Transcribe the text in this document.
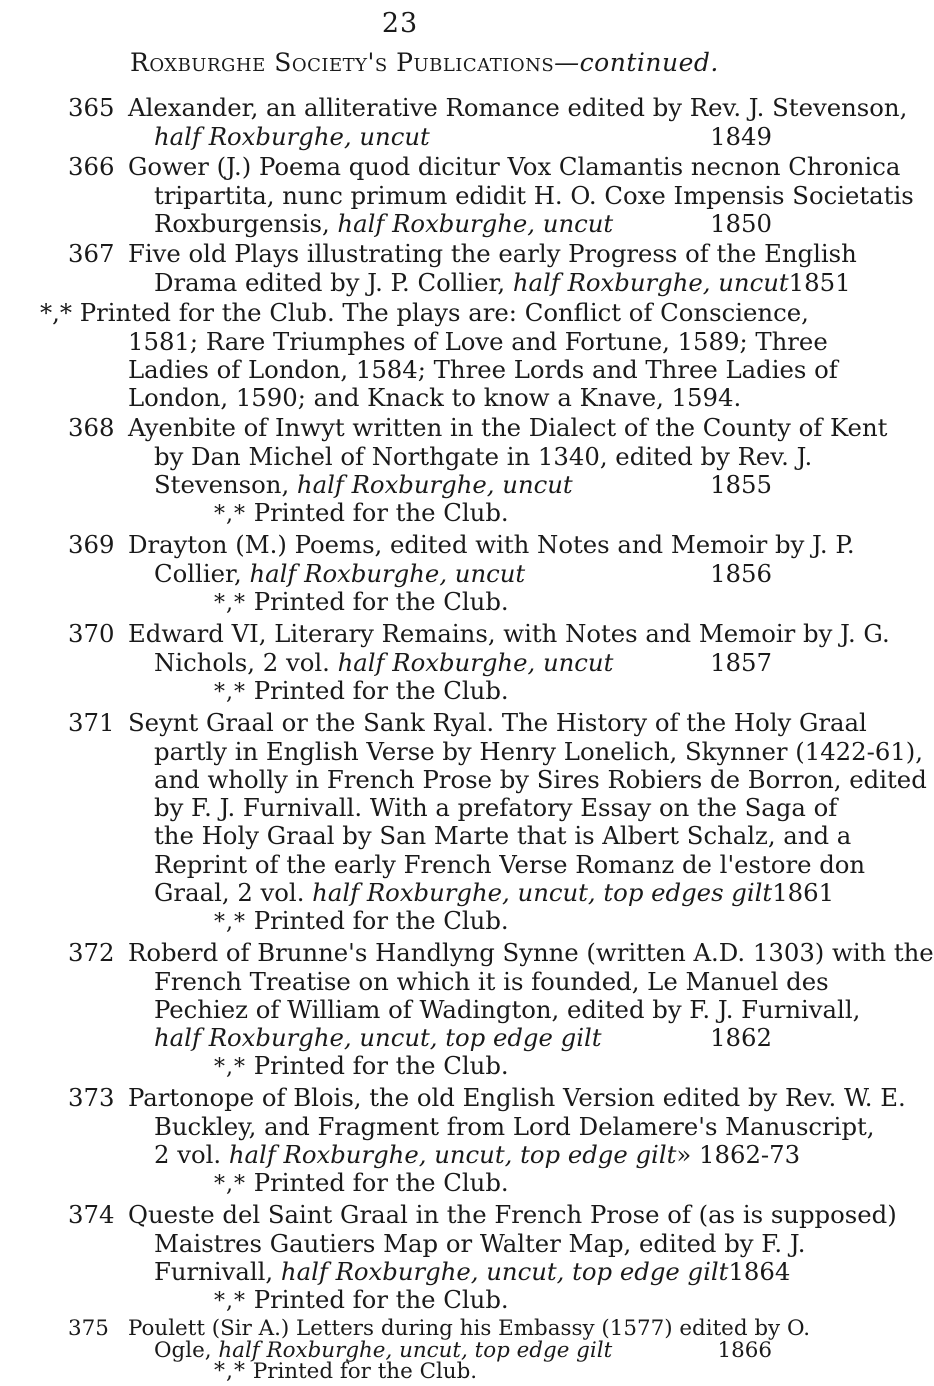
23
Roxburghe Society's Publications—continued.
365 Alexander, an alliterative Romance edited by Rev. J. Stevenson,
half Roxburghe, uncut	1849
366 Gower (J.) Poema quod dicitur Vox Clamantis necnon Chronica
tripartita, nunc primum edidit H. O. Coxe Impensis Societatis
Roxburgensis, half Roxburghe, uncut	1850
367 Five old Plays illustrating the early Progress of the English
Drama edited by J. P. Collier, half Roxburghe, uncut 1851
*,* Printed for the Club. The plays are: Conflict of Conscience,
1581; Rare Triumphes of Love and Fortune, 1589; Three
Ladies of London, 1584; Three Lords and Three Ladies of
London, 1590; and Knack to know a Knave, 1594.
368 Ayenbite of Inwyt written in the Dialect of the County of Kent
by Dan Michel of Northgate in 1340, edited by Rev. J.
Stevenson, half Roxburghe, uncut	1855
*,* Printed for the Club.
369 Drayton (M.) Poems, edited with Notes and Memoir by J. P.
Collier, half Roxburghe, uncut	1856
*,* Printed for the Club.
370 Edward VI, Literary Remains, with Notes and Memoir by J. G.
Nichols, 2 vol. half Roxburghe, uncut	1857
*,* Printed for the Club.
371 Seynt Graal or the Sank Ryal. The History of the Holy Graal
partly in English Verse by Henry Lonelich, Skynner (1422-61),
and wholly in French Prose by Sires Robiers de Borron, edited
by F. J. Furnivall. With a prefatory Essay on the Saga of
the Holy Graal by San Marte that is Albert Schalz, and a
Reprint of the early French Verse Romanz de l'estore don
Graal, 2 vol. half Roxburghe, uncut, top edges gilt 1861
*,* Printed for the Club.
372 Roberd of Brunne's Handlyng Synne (written A.D. 1303) with the
French Treatise on which it is founded, Le Manuel des
Pechiez of William of Wadington, edited by F. J. Furnivall,
half Roxburghe, uncut, top edge gilt	1862
*,* Printed for the Club.
373 Partonope of Blois, the old English Version edited by Rev. W. E.
Buckley, and Fragment from Lord Delamere's Manuscript,
2 vol. half Roxburghe, uncut, top edge gilt » 1862-73
*,* Printed for the Club.
374 Queste del Saint Graal in the French Prose of (as is supposed)
Maistres Gautiers Map or Walter Map, edited by F. J.
Furnivall, half Roxburghe, uncut, top edge gilt 1864
*,* Printed for the Club.
375 Poulett (Sir A.) Letters during his Embassy (1577) edited by O.
Ogle, half Roxburghe, uncut, top edge gilt	1866
*,* Printed for the Club.
